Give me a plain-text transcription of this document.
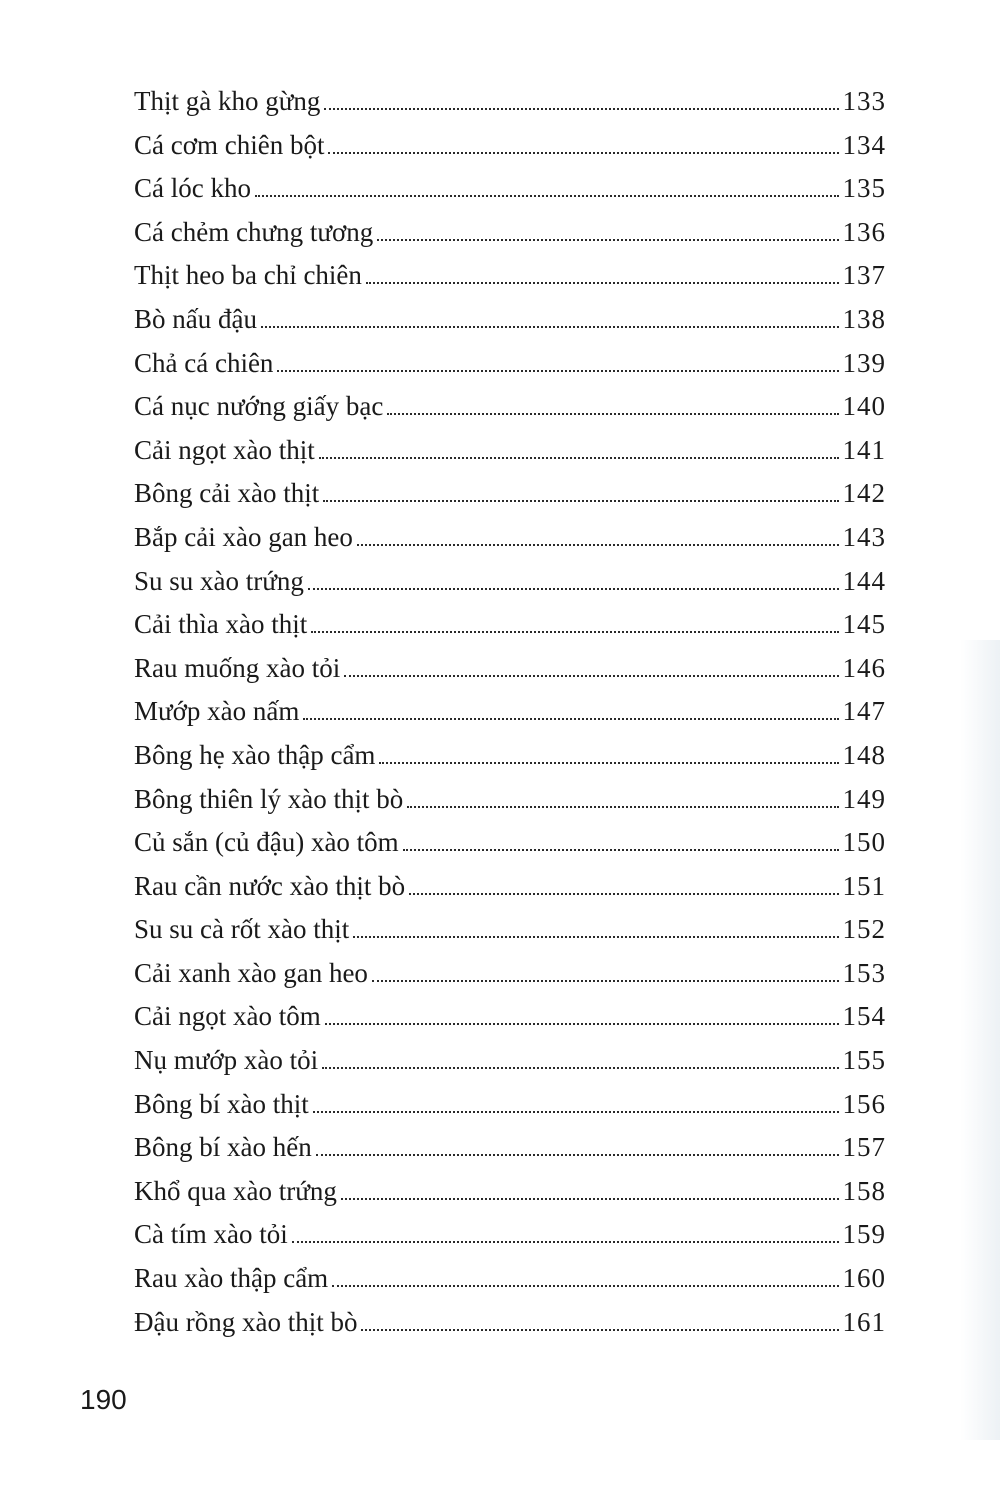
Thịt gà kho gừng	133
Cá cơm chiên bột	134
Cá lóc kho	135
Cá chẻm chưng tương	136
Thịt heo ba chỉ chiên	137
Bò nấu đậu	138
Chả cá chiên	139
Cá nục nướng giấy bạc	140
Cải ngọt xào thịt	141
Bông cải xào thịt	142
Bắp cải xào gan heo	143
Su su xào trứng	144
Cải thìa xào thịt	145
Rau muống xào tỏi	146
Mướp xào nấm	147
Bông hẹ xào thập cẩm	148
Bông thiên lý xào thịt bò	149
Củ sắn (củ đậu) xào tôm	150
Rau cần nước xào thịt bò	151
Su su cà rốt xào thịt	152
Cải xanh xào gan heo	153
Cải ngọt xào tôm	154
Nụ mướp xào tỏi	155
Bông bí xào thịt	156
Bông bí xào hến	157
Khổ qua xào trứng	158
Cà tím xào tỏi	159
Rau xào thập cẩm	160
Đậu rồng xào thịt bò	161
190
